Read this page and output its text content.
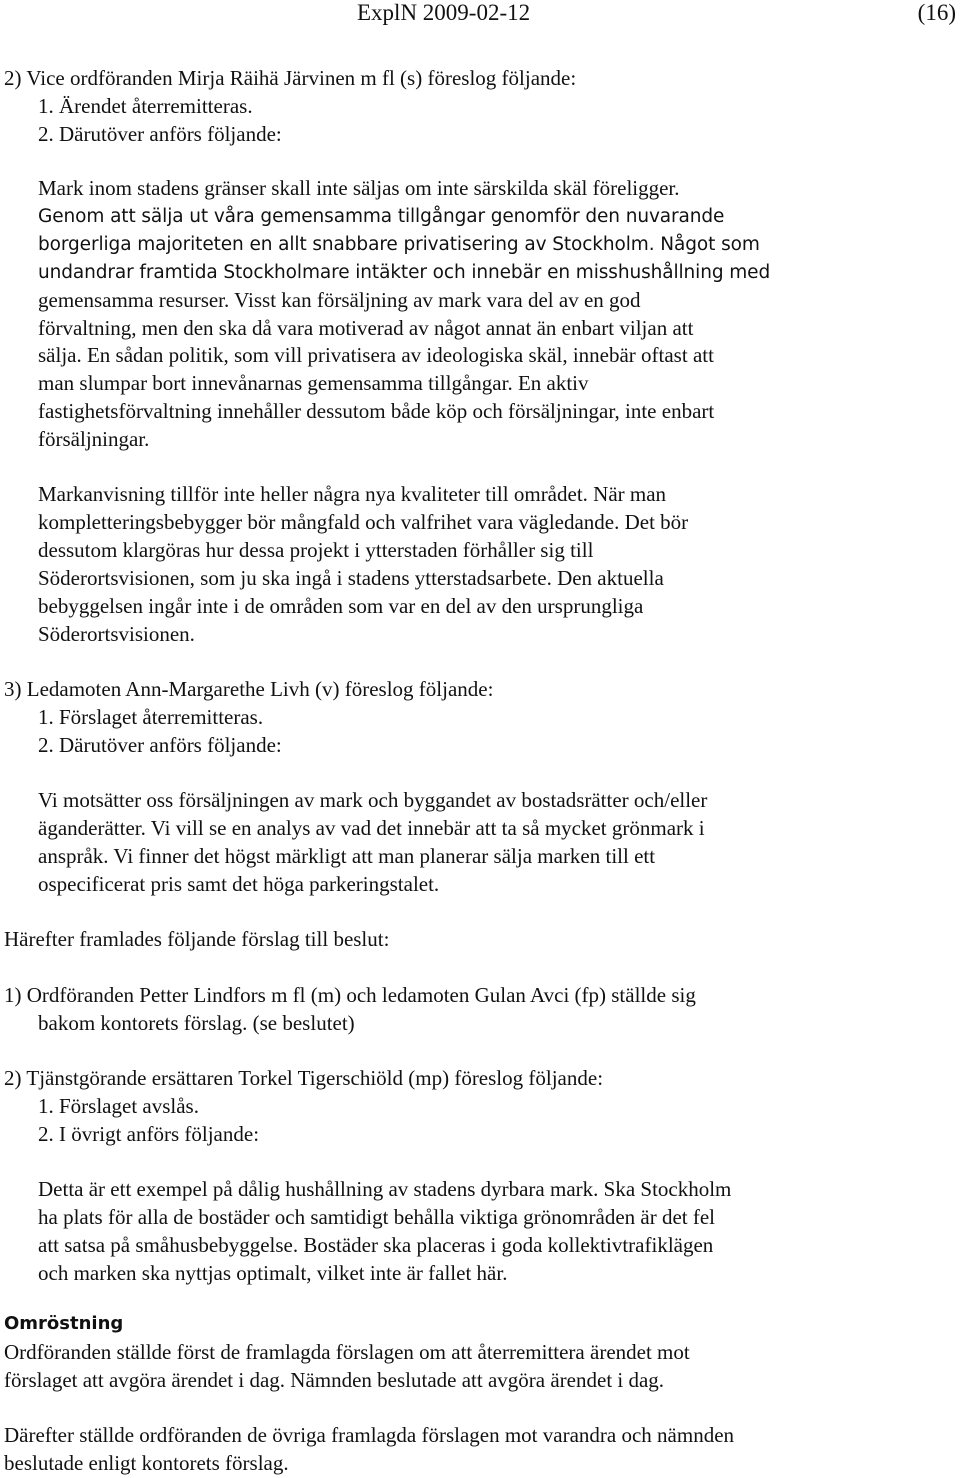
ExplN 2009-02-12	(16)
2) Vice ordföranden Mirja Räihä Järvinen m fl (s) föreslog följande:
1. Ärendet återremitteras.
2. Därutöver anförs följande:
Mark inom stadens gränser skall inte säljas om inte särskilda skäl föreligger.
Genom att sälja ut våra gemensamma tillgångar genomför den nuvarande
borgerliga majoriteten en allt snabbare privatisering av Stockholm. Något som
undandrar framtida Stockholmare intäkter och innebär en misshushållning med
gemensamma resurser. Visst kan försäljning av mark vara del av en god
förvaltning, men den ska då vara motiverad av något annat än enbart viljan att
sälja. En sådan politik, som vill privatisera av ideologiska skäl, innebär oftast att
man slumpar bort innevånarnas gemensamma tillgångar. En aktiv
fastighetsförvaltning innehåller dessutom både köp och försäljningar, inte enbart
försäljningar.
Markanvisning tillför inte heller några nya kvaliteter till området. När man
kompletteringsbebygger bör mångfald och valfrihet vara vägledande. Det bör
dessutom klargöras hur dessa projekt i ytterstaden förhåller sig till
Söderortsvisionen, som ju ska ingå i stadens ytterstadsarbete. Den aktuella
bebyggelsen ingår inte i de områden som var en del av den ursprungliga
Söderortsvisionen.
3) Ledamoten Ann-Margarethe Livh (v) föreslog följande:
1. Förslaget återremitteras.
2. Därutöver anförs följande:
Vi motsätter oss försäljningen av mark och byggandet av bostadsrätter och/eller
äganderätter. Vi vill se en analys av vad det innebär att ta så mycket grönmark i
anspråk. Vi finner det högst märkligt att man planerar sälja marken till ett
ospecificerat pris samt det höga parkeringstalet.
Härefter framlades följande förslag till beslut:
1) Ordföranden Petter Lindfors m fl (m) och ledamoten Gulan Avci (fp) ställde sig
bakom kontorets förslag. (se beslutet)
2) Tjänstgörande ersättaren Torkel Tigerschiöld (mp) föreslog följande:
1. Förslaget avslås.
2. I övrigt anförs följande:
Detta är ett exempel på dålig hushållning av stadens dyrbara mark. Ska Stockholm
ha plats för alla de bostäder och samtidigt behålla viktiga grönområden är det fel
att satsa på småhusbebyggelse. Bostäder ska placeras i goda kollektivtrafiklägen
och marken ska nyttjas optimalt, vilket inte är fallet här.
Omröstning
Ordföranden ställde först de framlagda förslagen om att återremittera ärendet mot
förslaget att avgöra ärendet i dag. Nämnden beslutade att avgöra ärendet i dag.
Därefter ställde ordföranden de övriga framlagda förslagen mot varandra och nämnden
beslutade enligt kontorets förslag.
